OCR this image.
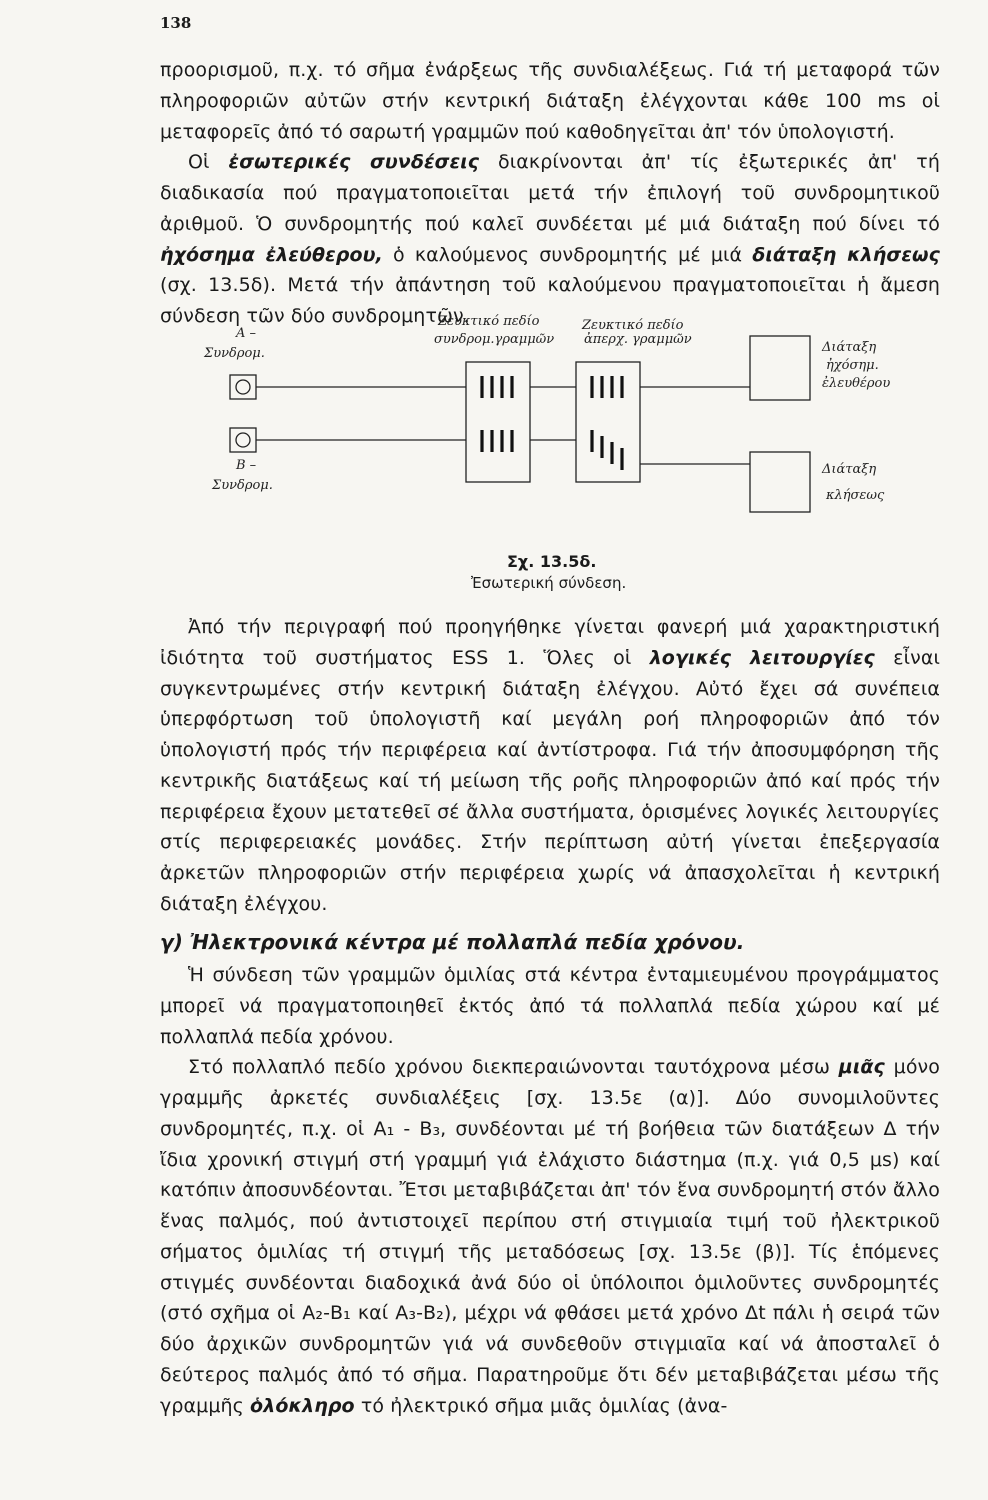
138

προορισμοῦ, π.χ. τό σῆμα ἐνάρξεως τῆς συνδιαλέξεως. Γιά τή μεταφορά τῶν πληροφοριῶν αὐτῶν στήν κεντρική διάταξη ἐλέγχονται κάθε 100 ms οἱ μεταφορεῖς ἀπό τό σαρωτή γραμμῶν πού καθοδηγεῖται ἀπ' τόν ὑπολογιστή.

Οἱ ἐσωτερικές συνδέσεις διακρίνονται ἀπ' τίς ἐξωτερικές ἀπ' τή διαδικασία πού πραγματοποιεῖται μετά τήν ἐπιλογή τοῦ συνδρομητικοῦ ἀριθμοῦ. Ὁ συνδρομητής πού καλεῖ συνδέεται μέ μιά διάταξη πού δίνει τό ἠχόσημα ἐλεύθερου, ὁ καλούμενος συνδρομητής μέ μιά διάταξη κλήσεως (σχ. 13.5δ). Μετά τήν ἀπάντηση τοῦ καλούμενου πραγματοποιεῖται ἡ ἄμεση σύνδεση τῶν δύο συνδρομητῶν.

Α –
Συνδρομ.
Β –
Συνδρομ.
Ζευκτικό πεδίο
συνδρομ.γραμμῶν
Ζευκτικό πεδίο
ἀπερχ. γραμμῶν
Διάταξη
ἠχόσημ.
ἐλευθέρου
Διάταξη
κλήσεως
Σχ. 13.5δ.
Ἐσωτερική σύνδεση.

Ἀπό τήν περιγραφή πού προηγήθηκε γίνεται φανερή μιά χαρακτηριστική ἰδιότητα τοῦ συστήματος ESS 1. Ὅλες οἱ λογικές λειτουργίες εἶναι συγκεντρωμένες στήν κεντρική διάταξη ἐλέγχου. Αὐτό ἔχει σά συνέπεια ὑπερφόρτωση τοῦ ὑπολογιστῆ καί μεγάλη ροή πληροφοριῶν ἀπό τόν ὑπολογιστή πρός τήν περιφέρεια καί ἀντίστροφα. Γιά τήν ἀποσυμφόρηση τῆς κεντρικῆς διατάξεως καί τή μείωση τῆς ροῆς πληροφοριῶν ἀπό καί πρός τήν περιφέρεια ἔχουν μετατεθεῖ σέ ἄλλα συστήματα, ὁρισμένες λογικές λειτουργίες στίς περιφερειακές μονάδες. Στήν περίπτωση αὐτή γίνεται ἐπεξεργασία ἀρκετῶν πληροφοριῶν στήν περιφέρεια χωρίς νά ἀπασχολεῖται ἡ κεντρική διάταξη ἐλέγχου.

γ) Ἠλεκτρονικά κέντρα μέ πολλαπλά πεδία χρόνου.

Ἡ σύνδεση τῶν γραμμῶν ὁμιλίας στά κέντρα ἐνταμιευμένου προγράμματος μπορεῖ νά πραγματοποιηθεῖ ἐκτός ἀπό τά πολλαπλά πεδία χώρου καί μέ πολλαπλά πεδία χρόνου.

Στό πολλαπλό πεδίο χρόνου διεκπεραιώνονται ταυτόχρονα μέσω μιᾶς μόνο γραμμῆς ἀρκετές συνδιαλέξεις [σχ. 13.5ε (α)]. Δύο συνομιλοῦντες συνδρομητές, π.χ. οἱ Α₁ - Β₃, συνδέονται μέ τή βοήθεια τῶν διατάξεων Δ τήν ἴδια χρονική στιγμή στή γραμμή γιά ἐλάχιστο διάστημα (π.χ. γιά 0,5 μs) καί κατόπιν ἀποσυνδέονται. Ἔτσι μεταβιβάζεται ἀπ' τόν ἕνα συνδρομητή στόν ἄλλο ἕνας παλμός, πού ἀντιστοιχεῖ περίπου στή στιγμιαία τιμή τοῦ ἠλεκτρικοῦ σήματος ὁμιλίας τή στιγμή τῆς μεταδόσεως [σχ. 13.5ε (β)]. Τίς ἑπόμενες στιγμές συνδέονται διαδοχικά ἀνά δύο οἱ ὑπόλοιποι ὁμιλοῦντες συνδρομητές (στό σχῆμα οἱ Α₂-Β₁ καί Α₃-Β₂), μέχρι νά φθάσει μετά χρόνο Δt πάλι ἡ σειρά τῶν δύο ἀρχικῶν συνδρομητῶν γιά νά συνδεθοῦν στιγμιαῖα καί νά ἀποσταλεῖ ὁ δεύτερος παλμός ἀπό τό σῆμα. Παρατηροῦμε ὅτι δέν μεταβιβάζεται μέσω τῆς γραμμῆς ὁλόκληρο τό ἠλεκτρικό σῆμα μιᾶς ὁμιλίας (ἀνα-
